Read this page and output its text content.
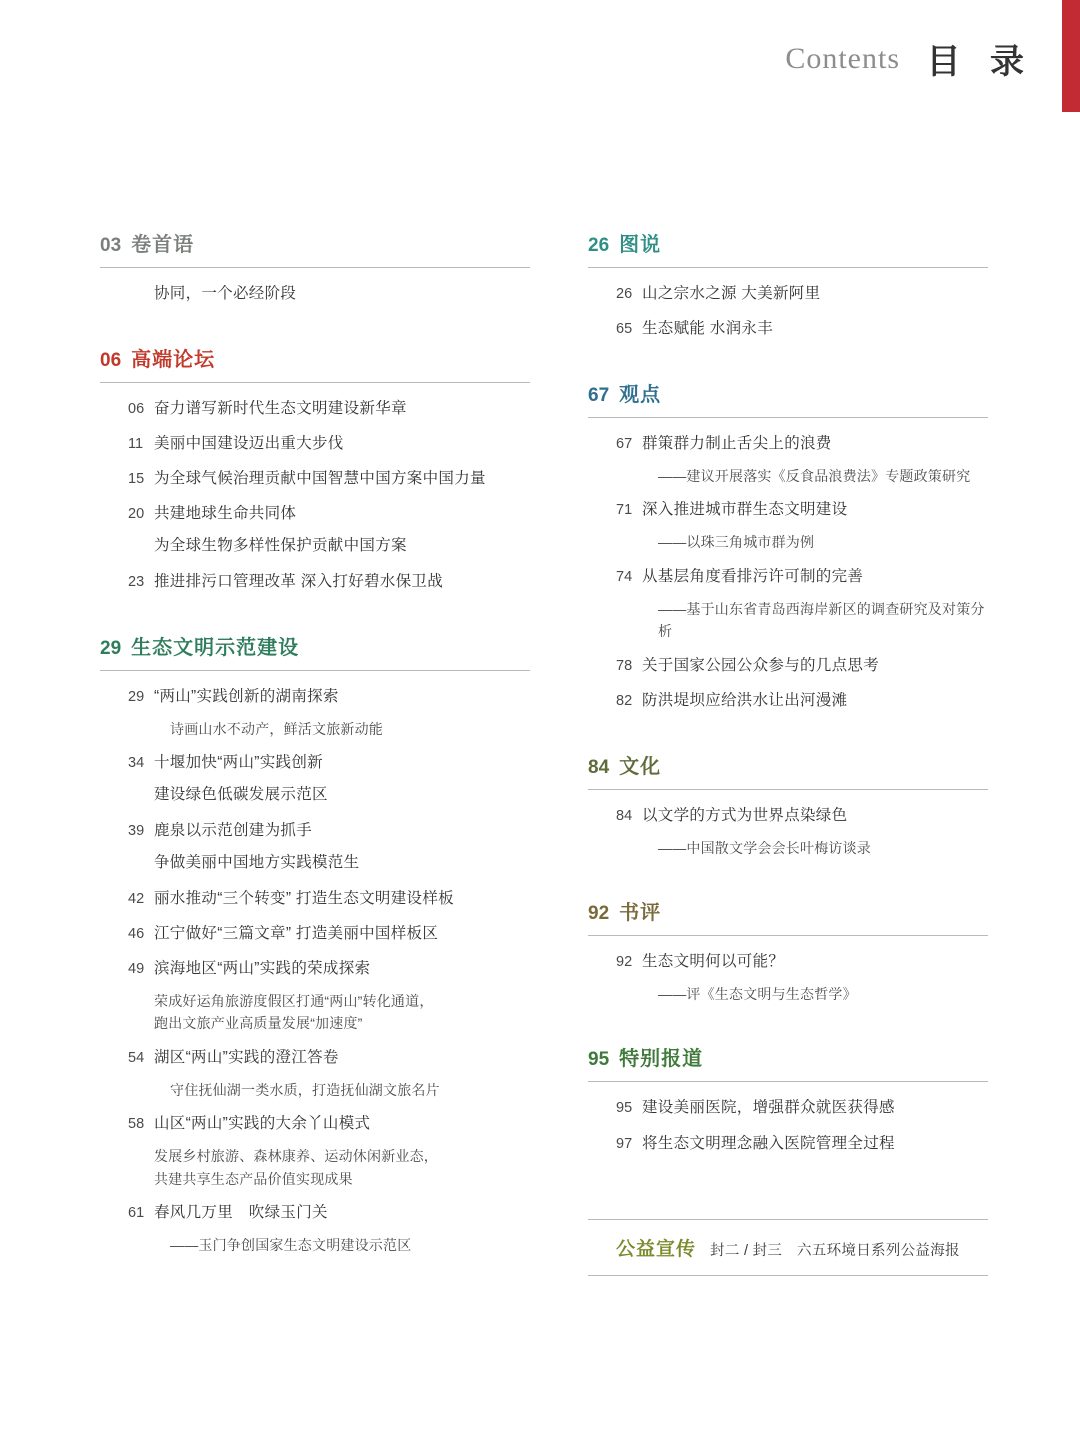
Contents 目 录
03 卷首语
协同，一个必经阶段
06 高端论坛
06 奋力谱写新时代生态文明建设新华章
11 美丽中国建设迈出重大步伐
15 为全球气候治理贡献中国智慧中国方案中国力量
20 共建地球生命共同体
为全球生物多样性保护贡献中国方案
23 推进排污口管理改革 深入打好碧水保卫战
29 生态文明示范建设
29 “两山”实践创新的湖南探索
诗画山水不动产，鲜活文旅新动能
34 十堰加快“两山”实践创新
建设绿色低碳发展示范区
39 鹿泉以示范创建为抓手
争做美丽中国地方实践模范生
42 丽水推动“三个转变” 打造生态文明建设样板
46 江宁做好“三篇文章” 打造美丽中国样板区
49 滨海地区“两山”实践的荣成探索
荣成好运角旅游度假区打通“两山”转化通道，
跑出文旅产业高质量发展“加速度”
54 湖区“两山”实践的澄江答卷
守住抚仙湖一类水质，打造抚仙湖文旅名片
58 山区“两山”实践的大余丫山模式
发展乡村旅游、森林康养、运动休闲新业态，
共建共享生态产品价值实现成果
61 春风几万里　吹绿玉门关
——玉门争创国家生态文明建设示范区
26 图说
26 山之宗水之源 大美新阿里
65 生态赋能 水润永丰
67 观点
67 群策群力制止舌尖上的浪费
——建议开展落实《反食品浪费法》专题政策研究
71 深入推进城市群生态文明建设
——以珠三角城市群为例
74 从基层角度看排污许可制的完善
——基于山东省青岛西海岸新区的调查研究及对策分析
78 关于国家公园公众参与的几点思考
82 防洪堤坝应给洪水让出河漫滩
84 文化
84 以文学的方式为世界点染绿色
——中国散文学会会长叶梅访谈录
92 书评
92 生态文明何以可能？
——评《生态文明与生态哲学》
95 特别报道
95 建设美丽医院，增强群众就医获得感
97 将生态文明理念融入医院管理全过程
公益宣传 封二 / 封三　六五环境日系列公益海报
